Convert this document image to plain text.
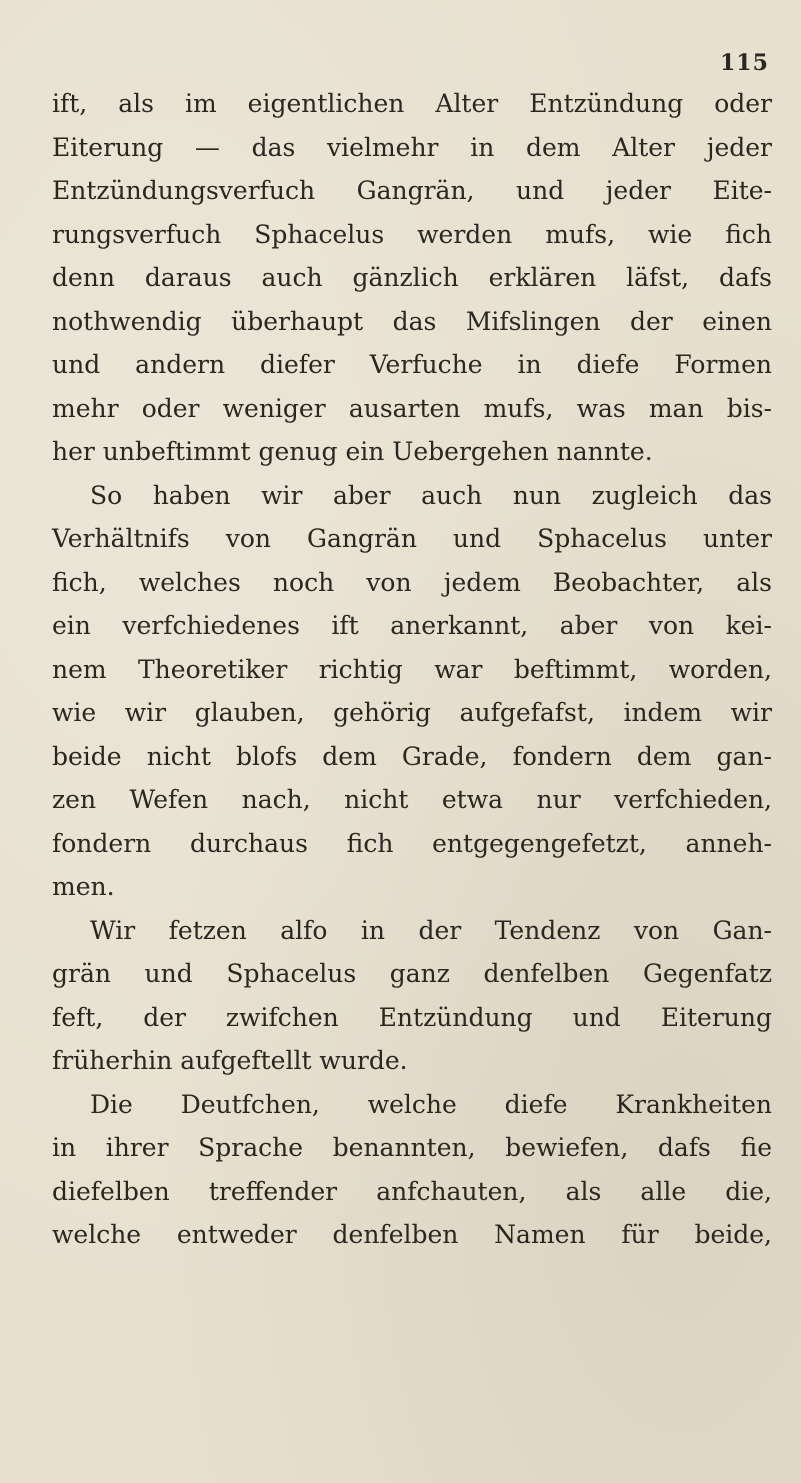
115
ift, als im eigentlichen Alter Entzündung oder
Eiterung — das vielmehr in dem Alter jeder
Entzündungsverfuch Gangrän, und jeder Eite-
rungsverfuch Sphacelus werden mufs, wie fich
denn daraus auch gänzlich erklären läfst, dafs
nothwendig überhaupt das Mifslingen der einen
und andern diefer Verfuche in diefe Formen
mehr oder weniger ausarten mufs, was man bis-
her unbeftimmt genug ein Uebergehen nannte.
So haben wir aber auch nun zugleich das
Verhältnifs von Gangrän und Sphacelus unter
fich, welches noch von jedem Beobachter, als
ein verfchiedenes ift anerkannt, aber von kei-
nem Theoretiker richtig war beftimmt, worden,
wie wir glauben, gehörig aufgefafst, indem wir
beide nicht blofs dem Grade, fondern dem gan-
zen Wefen nach, nicht etwa nur verfchieden,
fondern durchaus fich entgegengefetzt, anneh-
men.
Wir fetzen alfo in der Tendenz von Gan-
grän und Sphacelus ganz denfelben Gegenfatz
feft, der zwifchen Entzündung und Eiterung
früherhin aufgeftellt wurde.
Die Deutfchen, welche diefe Krankheiten
in ihrer Sprache benannten, bewiefen, dafs fie
diefelben treffender anfchauten, als alle die,
welche entweder denfelben Namen für beide,
